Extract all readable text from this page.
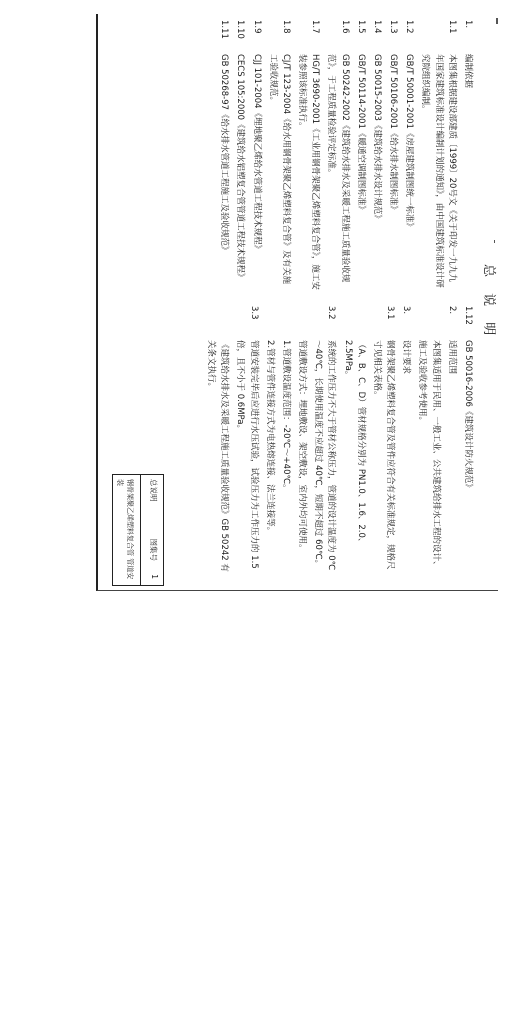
总 说 明
1.
编制依据
1.1
本图集根据建设部建质〔1999〕20号文《关于印发一九九九年国家建筑标准设计编制计划的通知》，由中国建筑标准设计研究院组织编制。
1.2
GB/T 50001-2001《房屋建筑制图统一标准》
1.3
GB/T 50106-2001《给水排水制图标准》
1.4
GB 50015-2003《建筑给水排水设计规范》
1.5
GB/T 50114-2001《暖通空调制图标准》
1.6
GB 50242-2002《建筑给水排水及采暖工程施工质量验收规范》，于工程质量检验评定标准。
1.7
HG/T 3690-2001《工业用钢骨架聚乙烯塑料复合管》，施工安装参照该标准执行。
1.8
CJ/T 123-2004《给水用钢骨架聚乙烯塑料复合管》及有关施工验收规范。
1.9
CJJ 101-2004《埋地聚乙烯给水管道工程技术规程》
1.10
CECS 105:2000《建筑给水铝塑复合管管道工程技术规程》
1.11
GB 50268-97《给水排水管道工程施工及验收规范》
1.12
GB 50016-2006《建筑设计防火规范》
2.
适用范围
本图集适用于民用、一般工业、公共建筑给排水工程的设计、施工及验收参考使用。
3.
设计要求
3.1
钢骨架聚乙烯塑料复合管及管件应符合有关标准规定，规格尺寸见相关表格。
（A、B、C、D）管材规格分别为 PN1.0、1.6、2.0、2.5MPa。
3.2
系统的工作压力不大于管材公称压力，管道的设计温度为 0℃～40℃，长期使用温度不应超过 40℃，短期不超过 60℃。
管道敷设方式：埋地敷设、架空敷设，室内外均可使用。
1.管道敷设温度范围：-20℃～+40℃。
2.管材与管件连接方式为电热熔连接、法兰连接等。
3.3
管道安装完毕后应进行水压试验，试验压力为工作压力的 1.5 倍，且不小于 0.6MPa。
《建筑给水排水及采暖工程施工质量验收规范》GB 50242 有关条文执行。
总说明
图集号
1
钢骨架聚乙烯塑料复合管 管道安装
